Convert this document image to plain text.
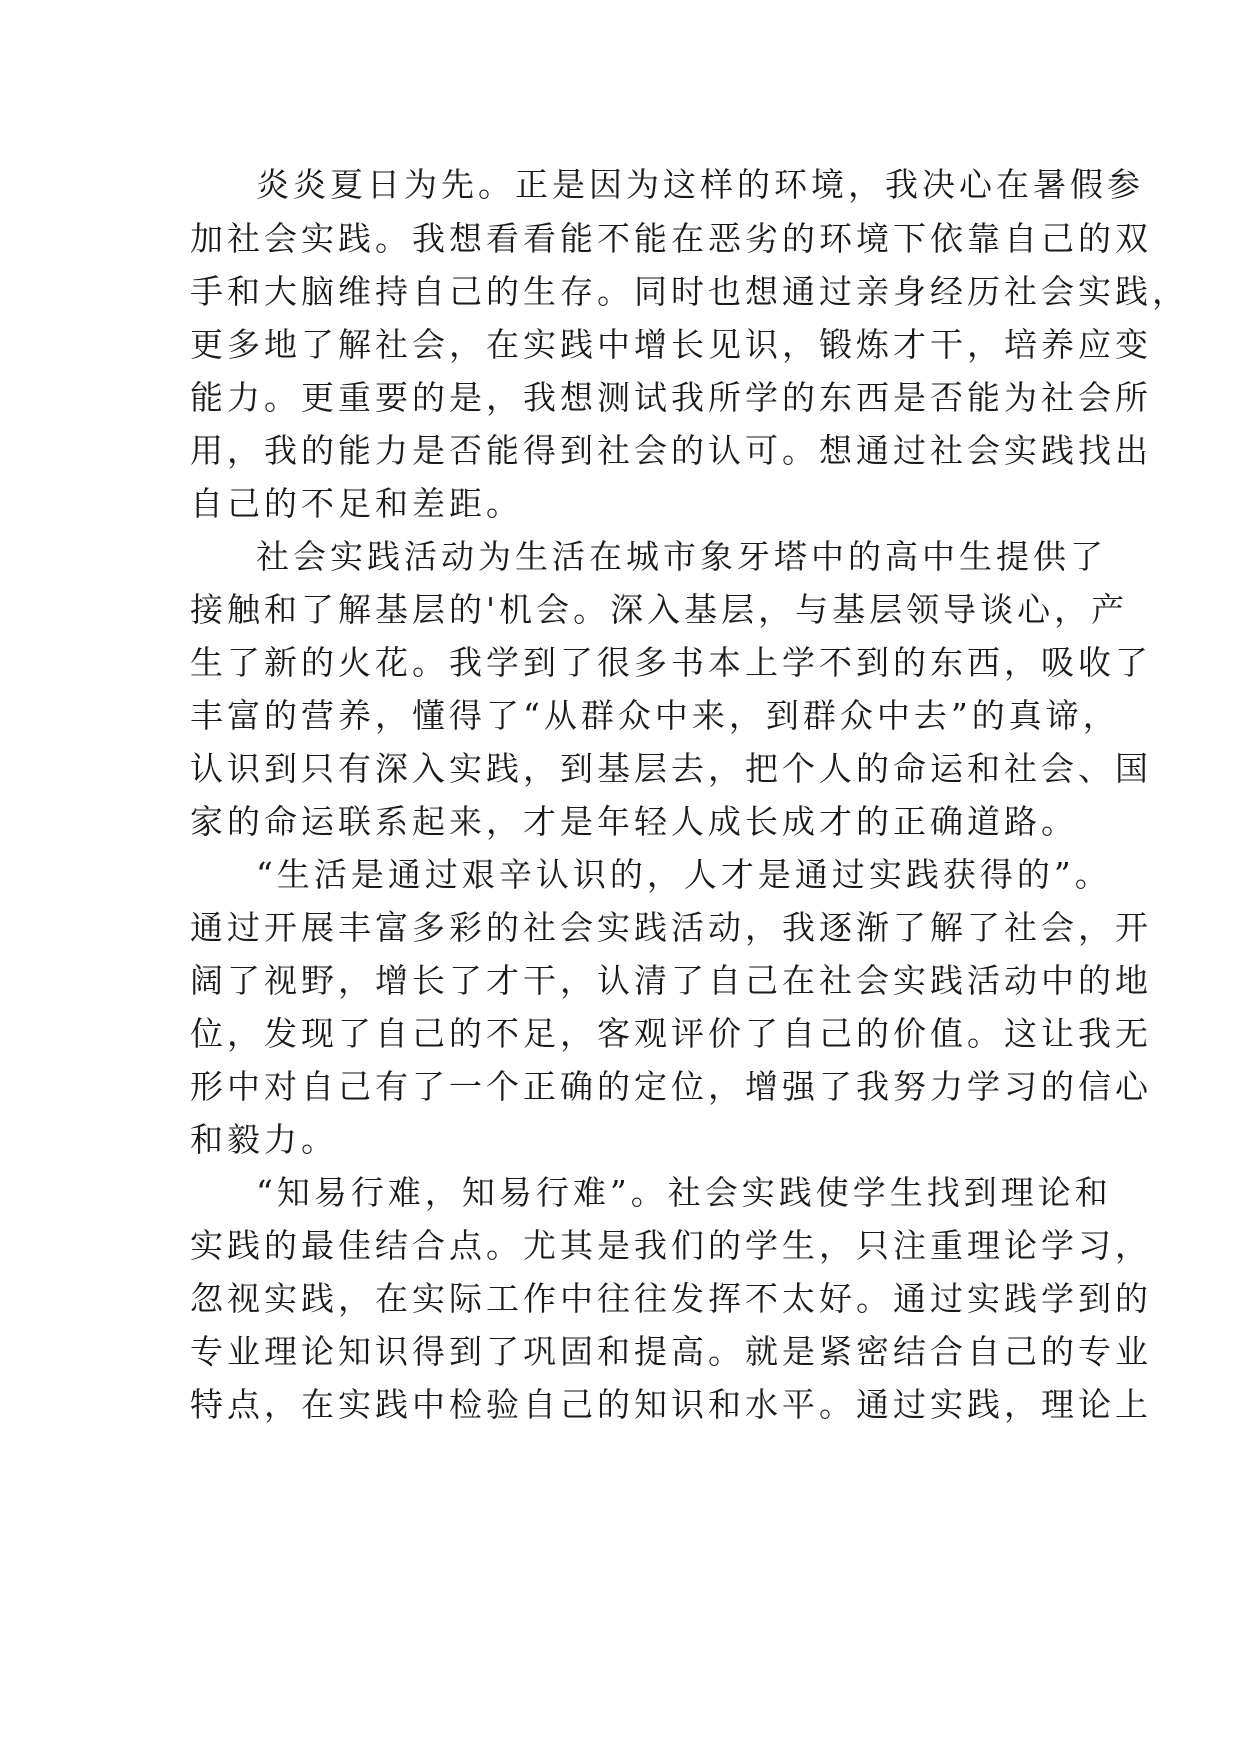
炎炎夏日为先。正是因为这样的环境，我决心在暑假参
加社会实践。我想看看能不能在恶劣的环境下依靠自己的双
手和大脑维持自己的生存。同时也想通过亲身经历社会实践，
更多地了解社会，在实践中增长见识，锻炼才干，培养应变
能力。更重要的是，我想测试我所学的东西是否能为社会所
用，我的能力是否能得到社会的认可。想通过社会实践找出
自己的不足和差距。
社会实践活动为生活在城市象牙塔中的高中生提供了
接触和了解基层的'机会。深入基层，与基层领导谈心，产
生了新的火花。我学到了很多书本上学不到的东西，吸收了
丰富的营养，懂得了“从群众中来，到群众中去”的真谛，
认识到只有深入实践，到基层去，把个人的命运和社会、国
家的命运联系起来，才是年轻人成长成才的正确道路。
“生活是通过艰辛认识的，人才是通过实践获得的”。
通过开展丰富多彩的社会实践活动，我逐渐了解了社会，开
阔了视野，增长了才干，认清了自己在社会实践活动中的地
位，发现了自己的不足，客观评价了自己的价值。这让我无
形中对自己有了一个正确的定位，增强了我努力学习的信心
和毅力。
“知易行难，知易行难”。社会实践使学生找到理论和
实践的最佳结合点。尤其是我们的学生，只注重理论学习，
忽视实践，在实际工作中往往发挥不太好。通过实践学到的
专业理论知识得到了巩固和提高。就是紧密结合自己的专业
特点，在实践中检验自己的知识和水平。通过实践，理论上
